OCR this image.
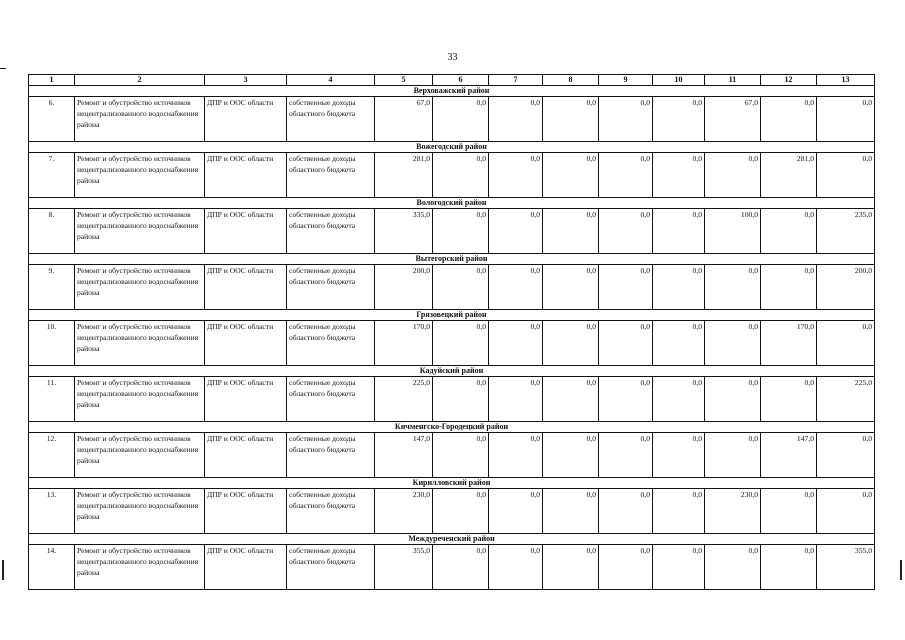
33
1	2	3	4	5	6	7	8	9	10	11	12	13
Верховажский район												
6.	Ремонт и обустройство источников нецентрализованного водоснабжения района	ДПР и ООС области	собственные доходы областного бюджета	67,0	0,0	0,0	0,0	0,0	0,0	67,0	0,0	0,0
Вожегодский район												
7.	Ремонт и обустройство источников нецентрализованного водоснабжения района	ДПР и ООС области	собственные доходы областного бюджета	281,0	0,0	0,0	0,0	0,0	0,0	0,0	281,0	0,0
Вологодский район												
8.	Ремонт и обустройство источников нецентрализованного водоснабжения района	ДПР и ООС области	собственные доходы областного бюджета	335,0	0,0	0,0	0,0	0,0	0,0	100,0	0,0	235,0
Вытегорский район												
9.	Ремонт и обустройство источников нецентрализованного водоснабжения района	ДПР и ООС области	собственные доходы областного бюджета	200,0	0,0	0,0	0,0	0,0	0,0	0,0	0,0	200,0
Грязовецкий район												
10.	Ремонт и обустройство источников нецентрализованного водоснабжения района	ДПР и ООС области	собственные доходы областного бюджета	170,0	0,0	0,0	0,0	0,0	0,0	0,0	170,0	0,0
Кадуйский район												
11.	Ремонт и обустройство источников нецентрализованного водоснабжения района	ДПР и ООС области	собственные доходы областного бюджета	225,0	0,0	0,0	0,0	0,0	0,0	0,0	0,0	225,0
Кичменгско-Городецкий район												
12.	Ремонт и обустройство источников нецентрализованного водоснабжения района	ДПР и ООС области	собственные доходы областного бюджета	147,0	0,0	0,0	0,0	0,0	0,0	0,0	147,0	0,0
Кирилловский район												
13.	Ремонт и обустройство источников нецентрализованного водоснабжения района	ДПР и ООС области	собственные доходы областного бюджета	230,0	0,0	0,0	0,0	0,0	0,0	230,0	0,0	0,0
Междуреченский район												
14.	Ремонт и обустройство источников нецентрализованного водоснабжения района	ДПР и ООС области	собственные доходы областного бюджета	355,0	0,0	0,0	0,0	0,0	0,0	0,0	0,0	355,0
